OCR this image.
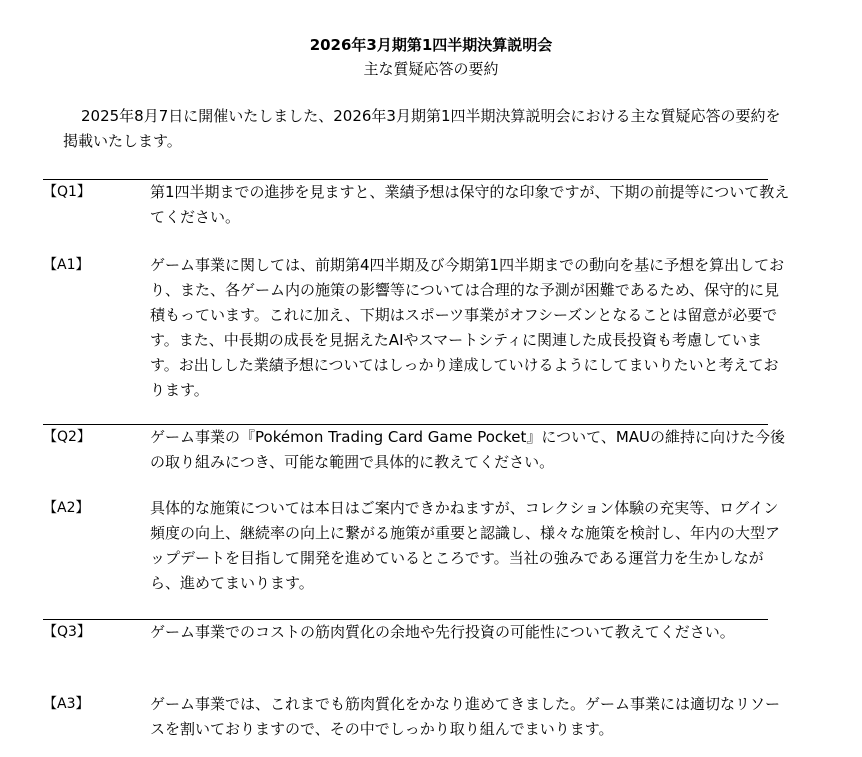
2026年3月期第1四半期決算説明会
主な質疑応答の要約

2025年8月7日に開催いたしました、2026年3月期第1四半期決算説明会における主な質疑応答の要約を掲載いたします。

【Q1】	第1四半期までの進捗を見ますと、業績予想は保守的な印象ですが、下期の前提等について教えてください。

【A1】	ゲーム事業に関しては、前期第4四半期及び今期第1四半期までの動向を基に予想を算出しており、また、各ゲーム内の施策の影響等については合理的な予測が困難であるため、保守的に見積もっています。これに加え、下期はスポーツ事業がオフシーズンとなることは留意が必要です。また、中長期の成長を見据えたAIやスマートシティに関連した成長投資も考慮しています。お出しした業績予想についてはしっかり達成していけるようにしてまいりたいと考えております。

【Q2】	ゲーム事業の『Pokémon Trading Card Game Pocket』について、MAUの維持に向けた今後の取り組みにつき、可能な範囲で具体的に教えてください。

【A2】	具体的な施策については本日はご案内できかねますが、コレクション体験の充実等、ログイン頻度の向上、継続率の向上に繋がる施策が重要と認識し、様々な施策を検討し、年内の大型アップデートを目指して開発を進めているところです。当社の強みである運営力を生かしながら、進めてまいります。

【Q3】	ゲーム事業でのコストの筋肉質化の余地や先行投資の可能性について教えてください。

【A3】	ゲーム事業では、これまでも筋肉質化をかなり進めてきました。ゲーム事業には適切なリソースを割いておりますので、その中でしっかり取り組んでまいります。
